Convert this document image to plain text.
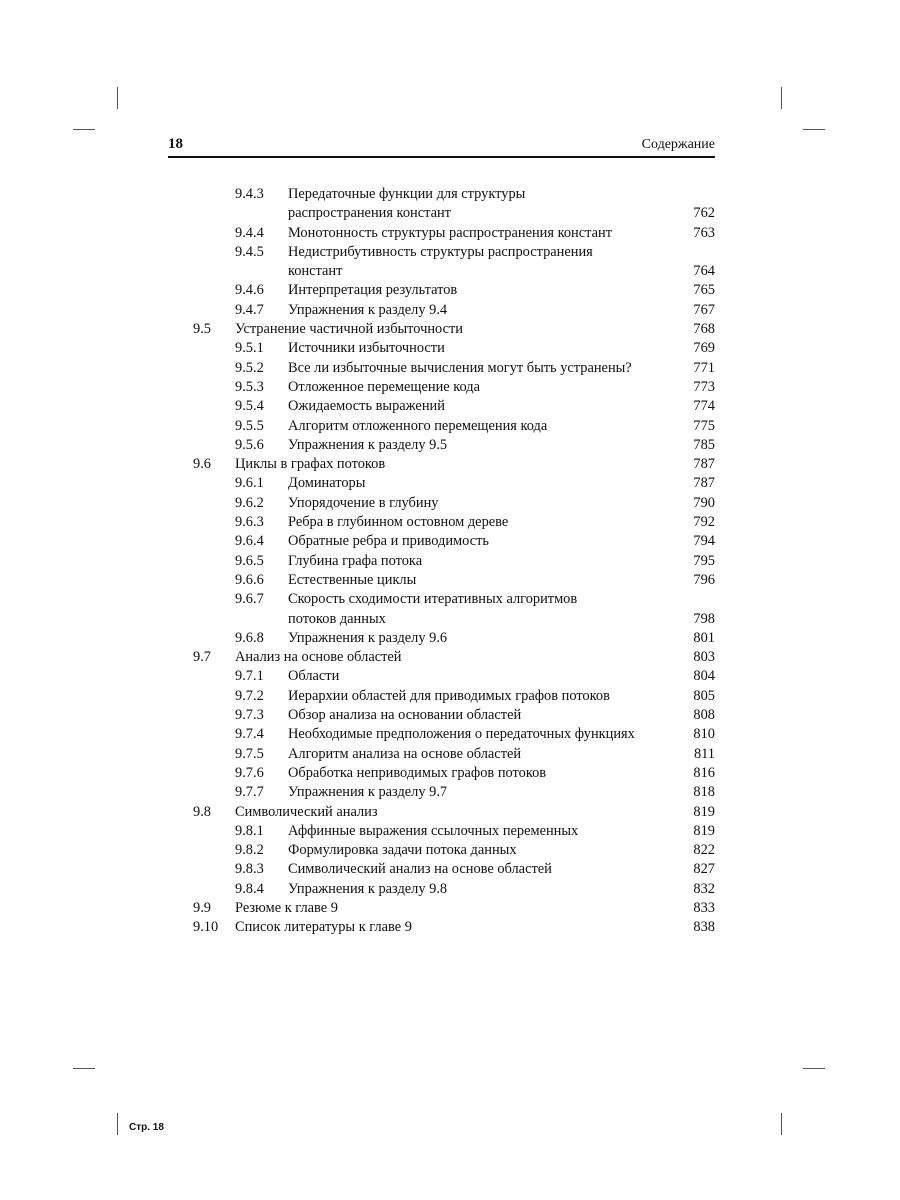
18	Содержание
9.4.3 Передаточные функции для структуры
распространения констант	762
9.4.4 Монотонность структуры распространения констант	763
9.4.5 Недистрибутивность структуры распространения
констант	764
9.4.6 Интерпретация результатов	765
9.4.7 Упражнения к разделу 9.4	767
9.5 Устранение частичной избыточности	768
9.5.1 Источники избыточности	769
9.5.2 Все ли избыточные вычисления могут быть устранены?	771
9.5.3 Отложенное перемещение кода	773
9.5.4 Ожидаемость выражений	774
9.5.5 Алгоритм отложенного перемещения кода	775
9.5.6 Упражнения к разделу 9.5	785
9.6 Циклы в графах потоков	787
9.6.1 Доминаторы	787
9.6.2 Упорядочение в глубину	790
9.6.3 Ребра в глубинном остовном дереве	792
9.6.4 Обратные ребра и приводимость	794
9.6.5 Глубина графа потока	795
9.6.6 Естественные циклы	796
9.6.7 Скорость сходимости итеративных алгоритмов
потоков данных	798
9.6.8 Упражнения к разделу 9.6	801
9.7 Анализ на основе областей	803
9.7.1 Области	804
9.7.2 Иерархии областей для приводимых графов потоков	805
9.7.3 Обзор анализа на основании областей	808
9.7.4 Необходимые предположения о передаточных функциях	810
9.7.5 Алгоритм анализа на основе областей	811
9.7.6 Обработка неприводимых графов потоков	816
9.7.7 Упражнения к разделу 9.7	818
9.8 Символический анализ	819
9.8.1 Аффинные выражения ссылочных переменных	819
9.8.2 Формулировка задачи потока данных	822
9.8.3 Символический анализ на основе областей	827
9.8.4 Упражнения к разделу 9.8	832
9.9 Резюме к главе 9	833
9.10 Список литературы к главе 9	838
Стр. 18
